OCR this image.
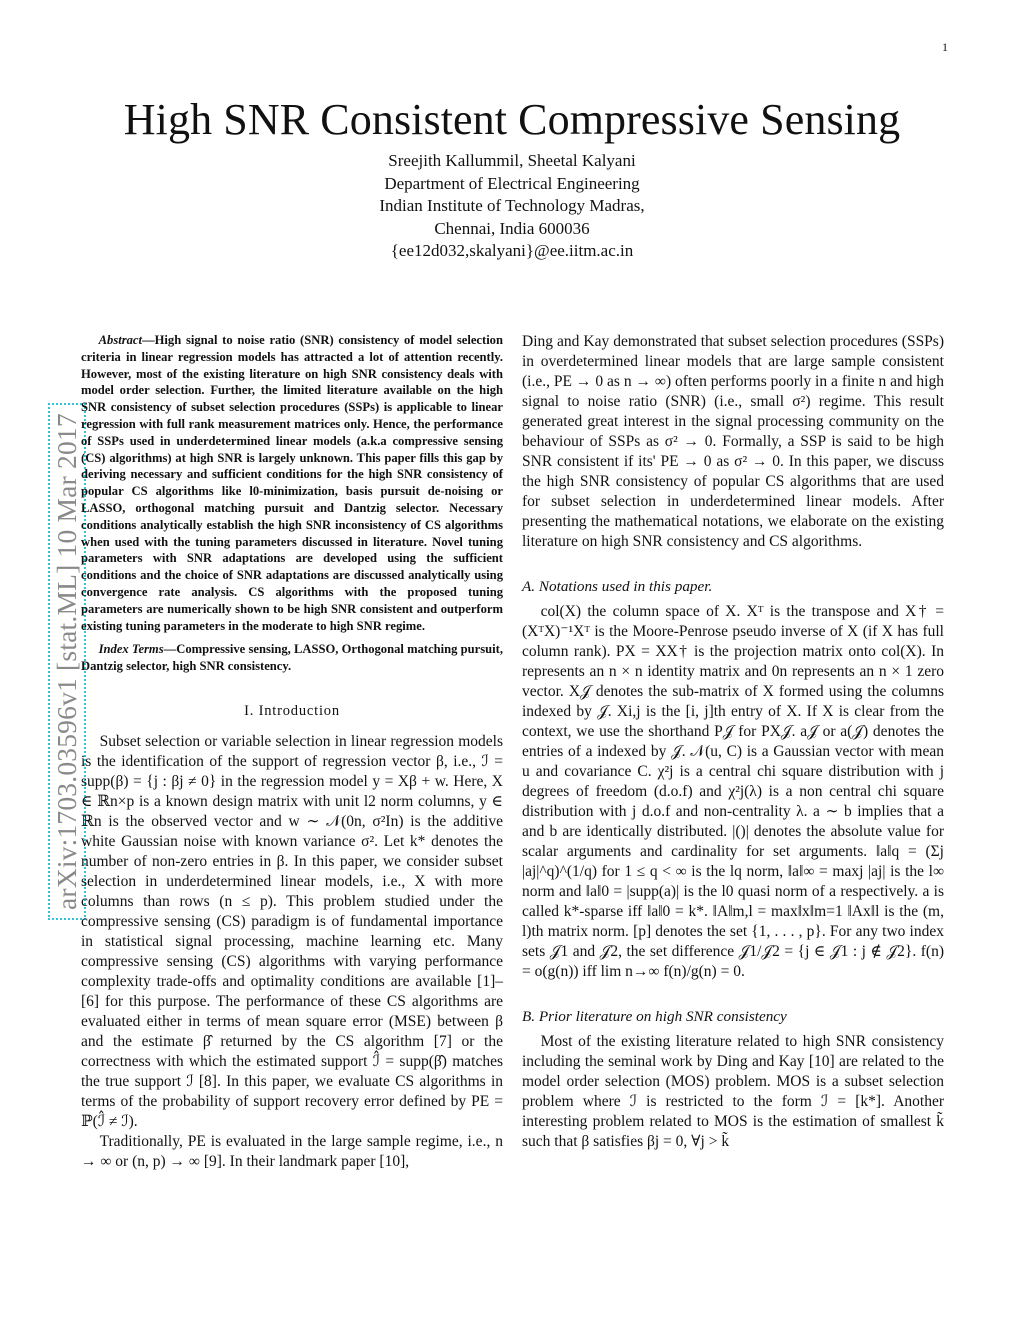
1
arXiv:1703.03596v1 [stat.ML] 10 Mar 2017
High SNR Consistent Compressive Sensing
Sreejith Kallummil, Sheetal Kalyani
Department of Electrical Engineering
Indian Institute of Technology Madras,
Chennai, India 600036
{ee12d032,skalyani}@ee.iitm.ac.in

Abstract—High signal to noise ratio (SNR) consistency of model selection criteria in linear regression models has attracted a lot of attention recently. However, most of the existing literature on high SNR consistency deals with model order selection. Further, the limited literature available on the high SNR consistency of subset selection procedures (SSPs) is applicable to linear regression with full rank measurement matrices only. Hence, the performance of SSPs used in underdetermined linear models (a.k.a compressive sensing (CS) algorithms) at high SNR is largely unknown. This paper fills this gap by deriving necessary and sufficient conditions for the high SNR consistency of popular CS algorithms like l0-minimization, basis pursuit de-noising or LASSO, orthogonal matching pursuit and Dantzig selector. Necessary conditions analytically establish the high SNR inconsistency of CS algorithms when used with the tuning parameters discussed in literature. Novel tuning parameters with SNR adaptations are developed using the sufficient conditions and the choice of SNR adaptations are discussed analytically using convergence rate analysis. CS algorithms with the proposed tuning parameters are numerically shown to be high SNR consistent and outperform existing tuning parameters in the moderate to high SNR regime.

Index Terms—Compressive sensing, LASSO, Orthogonal matching pursuit, Dantzig selector, high SNR consistency.

I. Introduction

Subset selection or variable selection in linear regression models is the identification of the support of regression vector β, i.e., ℐ = supp(β) = {j : βj ≠ 0} in the regression model y = Xβ + w. Here, X ∈ ℝn×p is a known design matrix with unit l2 norm columns, y ∈ ℝn is the observed vector and w ∼ 𝒩(0n, σ²In) is the additive white Gaussian noise with known variance σ². Let k* denotes the number of non-zero entries in β. In this paper, we consider subset selection in underdetermined linear models, i.e., X with more columns than rows (n ≤ p). This problem studied under the compressive sensing (CS) paradigm is of fundamental importance in statistical signal processing, machine learning etc. Many compressive sensing (CS) algorithms with varying performance complexity trade-offs and optimality conditions are available [1]–[6] for this purpose. The performance of these CS algorithms are evaluated either in terms of mean square error (MSE) between β and the estimate β̂ returned by the CS algorithm [7] or the correctness with which the estimated support ℐ̂ = supp(β̂) matches the true support ℐ [8]. In this paper, we evaluate CS algorithms in terms of the probability of support recovery error defined by PE = ℙ(ℐ̂ ≠ ℐ).

Traditionally, PE is evaluated in the large sample regime, i.e., n → ∞ or (n, p) → ∞ [9]. In their landmark paper [10],

Ding and Kay demonstrated that subset selection procedures (SSPs) in overdetermined linear models that are large sample consistent (i.e., PE → 0 as n → ∞) often performs poorly in a finite n and high signal to noise ratio (SNR) (i.e., small σ²) regime. This result generated great interest in the signal processing community on the behaviour of SSPs as σ² → 0. Formally, a SSP is said to be high SNR consistent if its' PE → 0 as σ² → 0. In this paper, we discuss the high SNR consistency of popular CS algorithms that are used for subset selection in underdetermined linear models. After presenting the mathematical notations, we elaborate on the existing literature on high SNR consistency and CS algorithms.

A. Notations used in this paper.

col(X) the column space of X. Xᵀ is the transpose and X† = (XᵀX)⁻¹Xᵀ is the Moore-Penrose pseudo inverse of X (if X has full column rank). PX = XX† is the projection matrix onto col(X). In represents an n × n identity matrix and 0n represents an n × 1 zero vector. X𝒥 denotes the sub-matrix of X formed using the columns indexed by 𝒥. Xi,j is the [i, j]th entry of X. If X is clear from the context, we use the shorthand P𝒥 for PX𝒥. a𝒥 or a(𝒥) denotes the entries of a indexed by 𝒥. 𝒩(u, C) is a Gaussian vector with mean u and covariance C. χ²j is a central chi square distribution with j degrees of freedom (d.o.f) and χ²j(λ) is a non central chi square distribution with j d.o.f and non-centrality λ. a ∼ b implies that a and b are identically distributed. |()| denotes the absolute value for scalar arguments and cardinality for set arguments. ‖a‖q = (Σj |aj|^q)^(1/q) for 1 ≤ q < ∞ is the lq norm, ‖a‖∞ = maxj |aj| is the l∞ norm and ‖a‖0 = |supp(a)| is the l0 quasi norm of a respectively. a is called k*-sparse iff ‖a‖0 = k*. ‖A‖m,l = max‖x‖m=1 ‖Ax‖l is the (m, l)th matrix norm. [p] denotes the set {1, . . . , p}. For any two index sets 𝒥1 and 𝒥2, the set difference 𝒥1/𝒥2 = {j ∈ 𝒥1 : j ∉ 𝒥2}. f(n) = o(g(n)) iff lim n→∞ f(n)/g(n) = 0.

B. Prior literature on high SNR consistency

Most of the existing literature related to high SNR consistency including the seminal work by Ding and Kay [10] are related to the model order selection (MOS) problem. MOS is a subset selection problem where ℐ is restricted to the form ℐ = [k*]. Another interesting problem related to MOS is the estimation of smallest k̃ such that β satisfies βj = 0, ∀j > k̃
